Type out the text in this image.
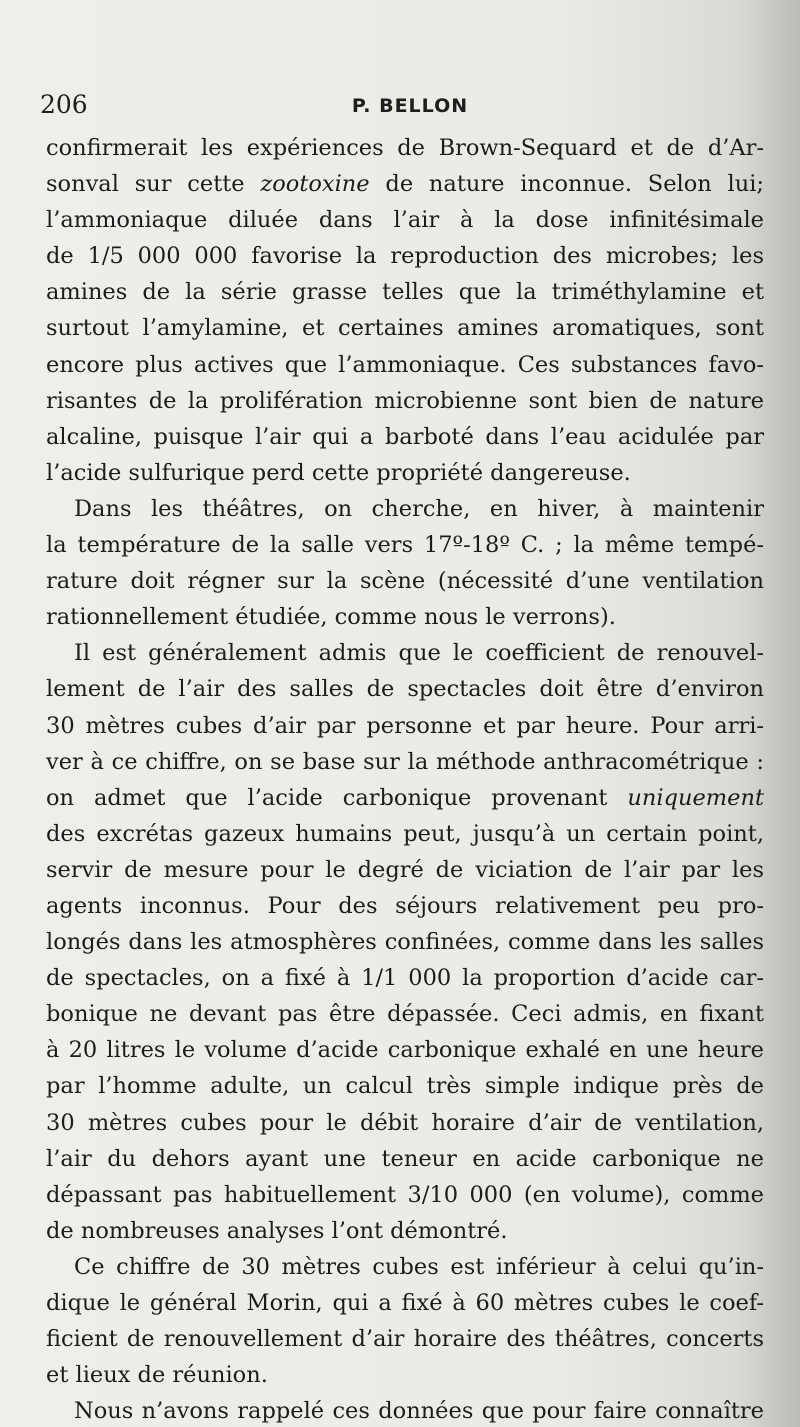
206	P. BELLON
confirmerait les expériences de Brown-Sequard et de d’Ar-
sonval sur cette zootoxine de nature inconnue. Selon lui;
l’ammoniaque diluée dans l’air à la dose infinitésimale
de 1/5 000 000 favorise la reproduction des microbes; les
amines de la série grasse telles que la triméthylamine et
surtout l’amylamine, et certaines amines aromatiques, sont
encore plus actives que l’ammoniaque. Ces substances favo-
risantes de la prolifération microbienne sont bien de nature
alcaline, puisque l’air qui a barboté dans l’eau acidulée par
l’acide sulfurique perd cette propriété dangereuse.
Dans les théâtres, on cherche, en hiver, à maintenir
la température de la salle vers 17º-18º C. ; la même tempé-
rature doit régner sur la scène (nécessité d’une ventilation
rationnellement étudiée, comme nous le verrons).
Il est généralement admis que le coefficient de renouvel-
lement de l’air des salles de spectacles doit être d’environ
30 mètres cubes d’air par personne et par heure. Pour arri-
ver à ce chiffre, on se base sur la méthode anthracométrique :
on admet que l’acide carbonique provenant uniquement
des excrétas gazeux humains peut, jusqu’à un certain point,
servir de mesure pour le degré de viciation de l’air par les
agents inconnus. Pour des séjours relativement peu pro-
longés dans les atmosphères confinées, comme dans les salles
de spectacles, on a fixé à 1/1 000 la proportion d’acide car-
bonique ne devant pas être dépassée. Ceci admis, en fixant
à 20 litres le volume d’acide carbonique exhalé en une heure
par l’homme adulte, un calcul très simple indique près de
30 mètres cubes pour le débit horaire d’air de ventilation,
l’air du dehors ayant une teneur en acide carbonique ne
dépassant pas habituellement 3/10 000 (en volume), comme
de nombreuses analyses l’ont démontré.
Ce chiffre de 30 mètres cubes est inférieur à celui qu’in-
dique le général Morin, qui a fixé à 60 mètres cubes le coef-
ficient de renouvellement d’air horaire des théâtres, concerts
et lieux de réunion.
Nous n’avons rappelé ces données que pour faire connaître
